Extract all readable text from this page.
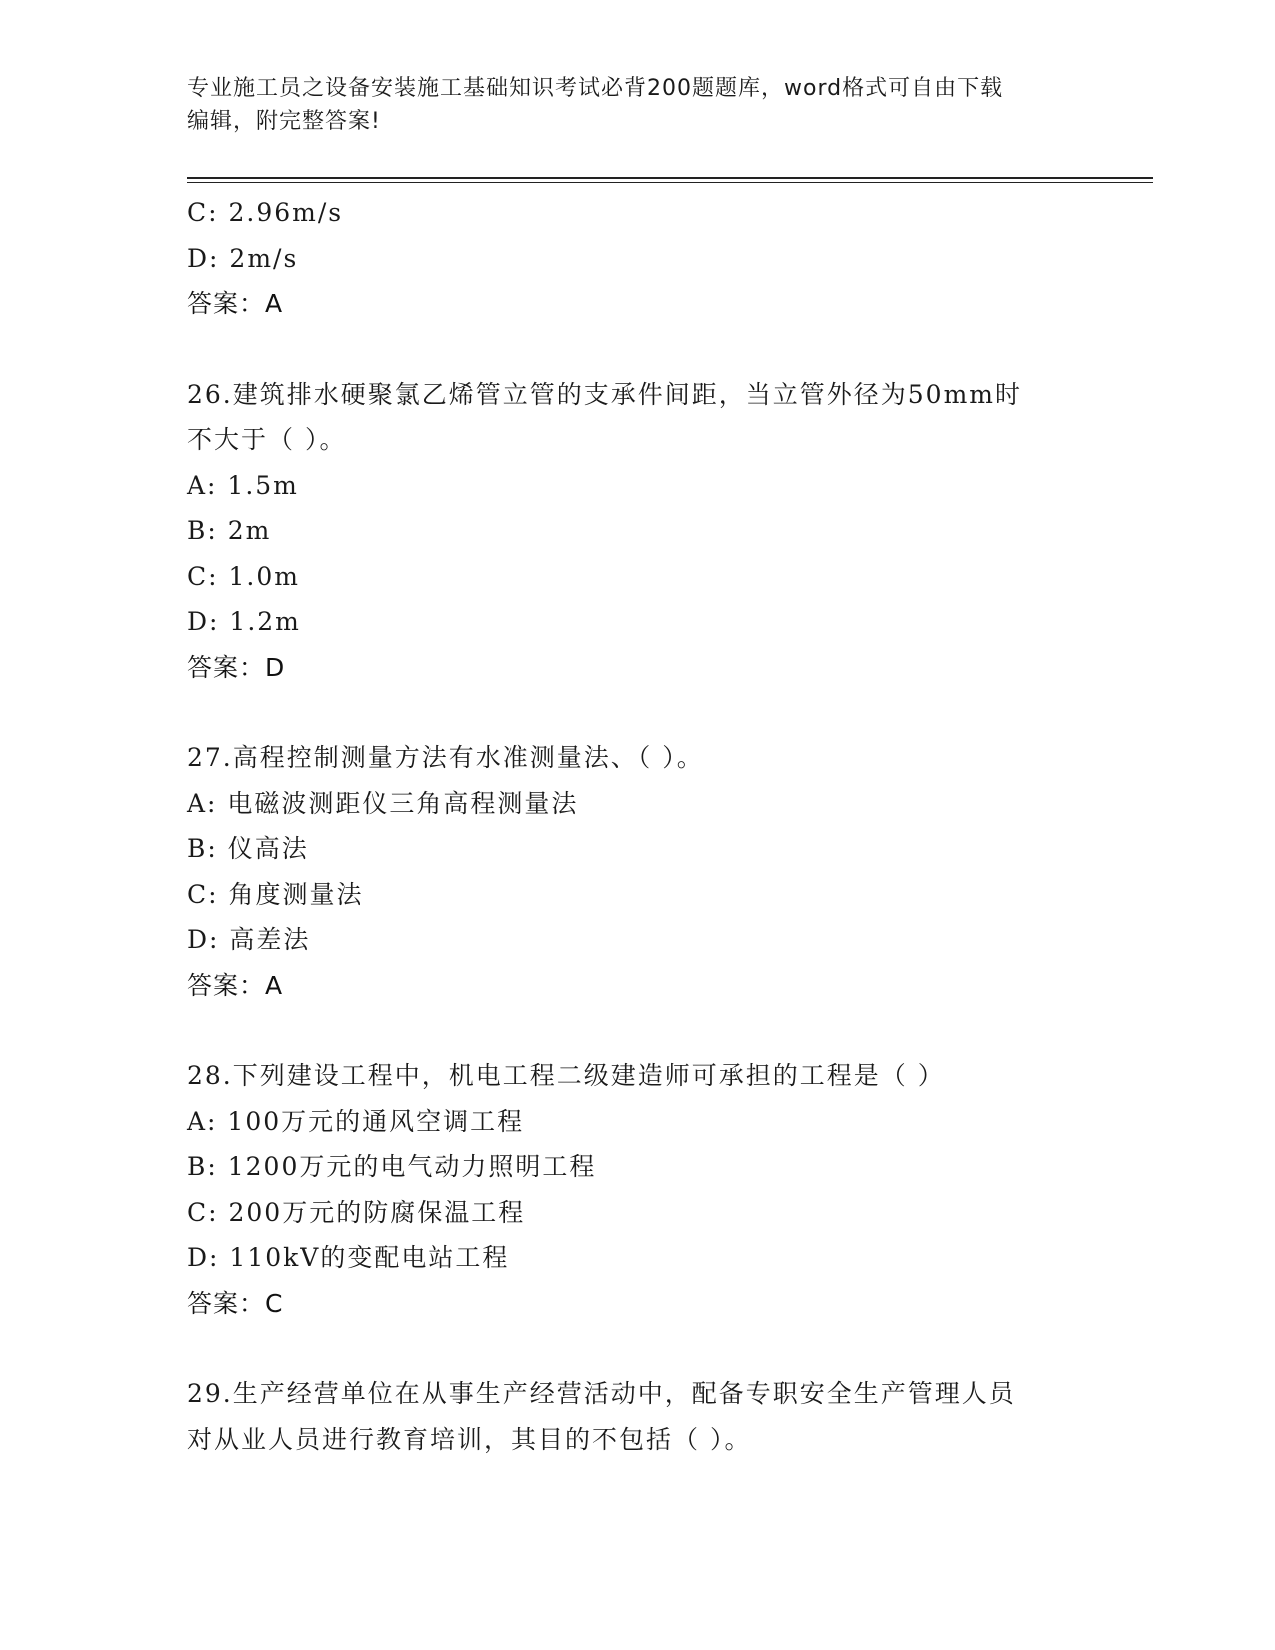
专业施工员之设备安装施工基础知识考试必背200题题库，word格式可自由下载
编辑，附完整答案!
C: 2.96m/s
D: 2m/s
答案：A
26.建筑排水硬聚氯乙烯管立管的支承件间距，当立管外径为50mm时
不大于（ ）。
A: 1.5m
B: 2m
C: 1.0m
D: 1.2m
答案：D
27.高程控制测量方法有水准测量法、（ ）。
A: 电磁波测距仪三角高程测量法
B: 仪高法
C: 角度测量法
D: 高差法
答案：A
28.下列建设工程中，机电工程二级建造师可承担的工程是（ ）
A: 100万元的通风空调工程
B: 1200万元的电气动力照明工程
C: 200万元的防腐保温工程
D: 110kV的变配电站工程
答案：C
29.生产经营单位在从事生产经营活动中，配备专职安全生产管理人员
对从业人员进行教育培训，其目的不包括（ ）。
